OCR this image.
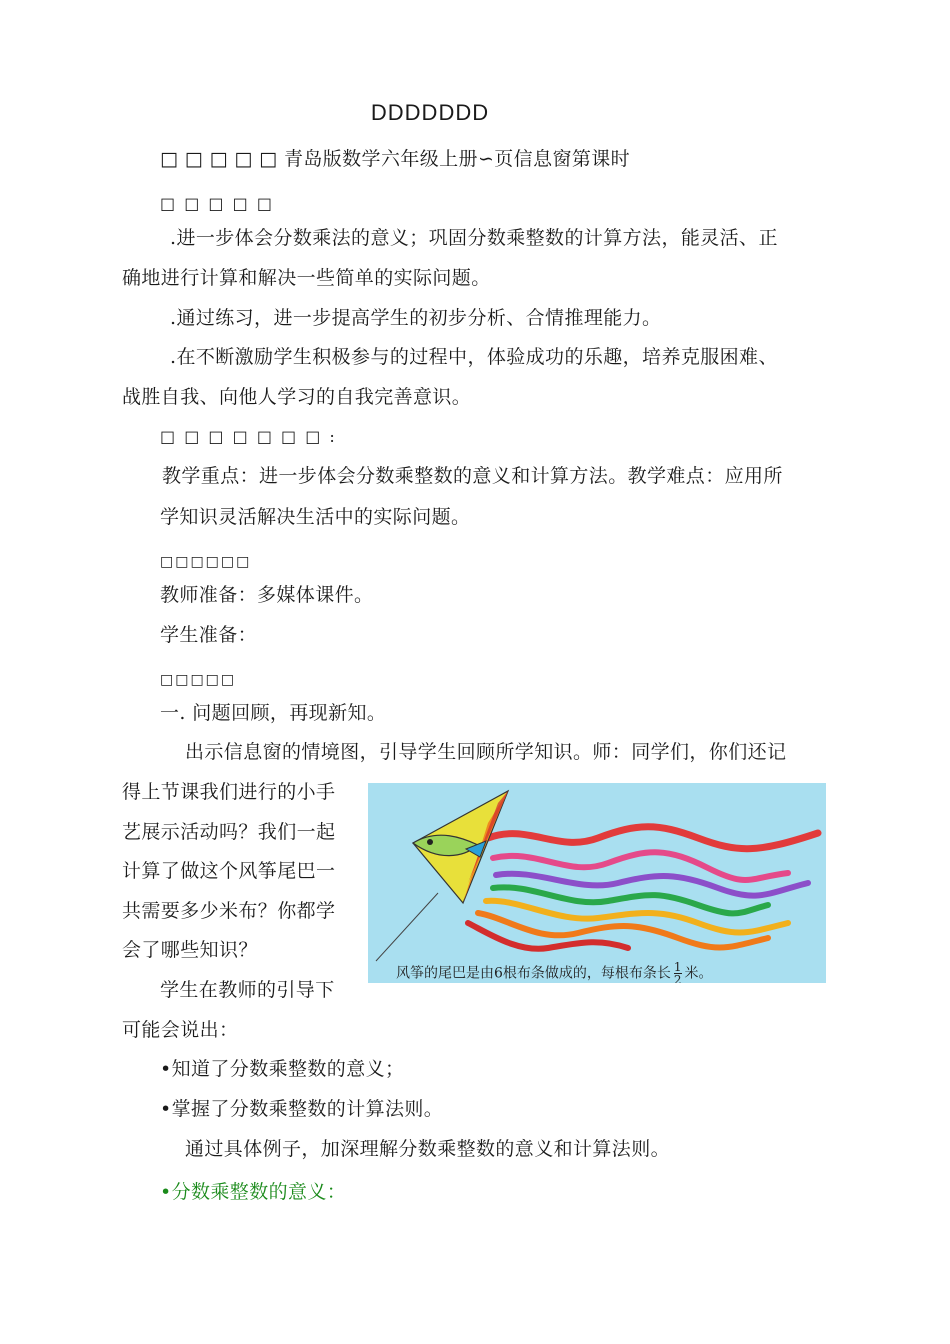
DDDDDDD
□ □ □ □ □ 青岛版数学六年级上册∽页信息窗第课时
□ □ □ □ □
.进一步体会分数乘法的意义；巩固分数乘整数的计算方法，能灵活、正
确地进行计算和解决一些简单的实际问题。
.通过练习，进一步提高学生的初步分析、合情推理能力。
.在不断激励学生积极参与的过程中，体验成功的乐趣，培养克服困难、
战胜自我、向他人学习的自我完善意识。
□ □ □ □ □ □ □ :
教学重点：进一步体会分数乘整数的意义和计算方法。教学难点：应用所
学知识灵活解决生活中的实际问题。
□□□□□□
教师准备：多媒体课件。
学生准备：
□□□□□
一. 问题回顾，再现新知。
出示信息窗的情境图，引导学生回顾所学知识。师：同学们，你们还记
得上节课我们进行的小手
艺展示活动吗？我们一起
计算了做这个风筝尾巴一
共需要多少米布？你都学
会了哪些知识？
学生在教师的引导下
可能会说出：
•知道了分数乘整数的意义；
•掌握了分数乘整数的计算法则。
通过具体例子，加深理解分数乘整数的意义和计算法则。
•分数乘整数的意义：
风筝的尾巴是由6根布条做成的，每根布条长 $\frac{1}{2}$ 米。
